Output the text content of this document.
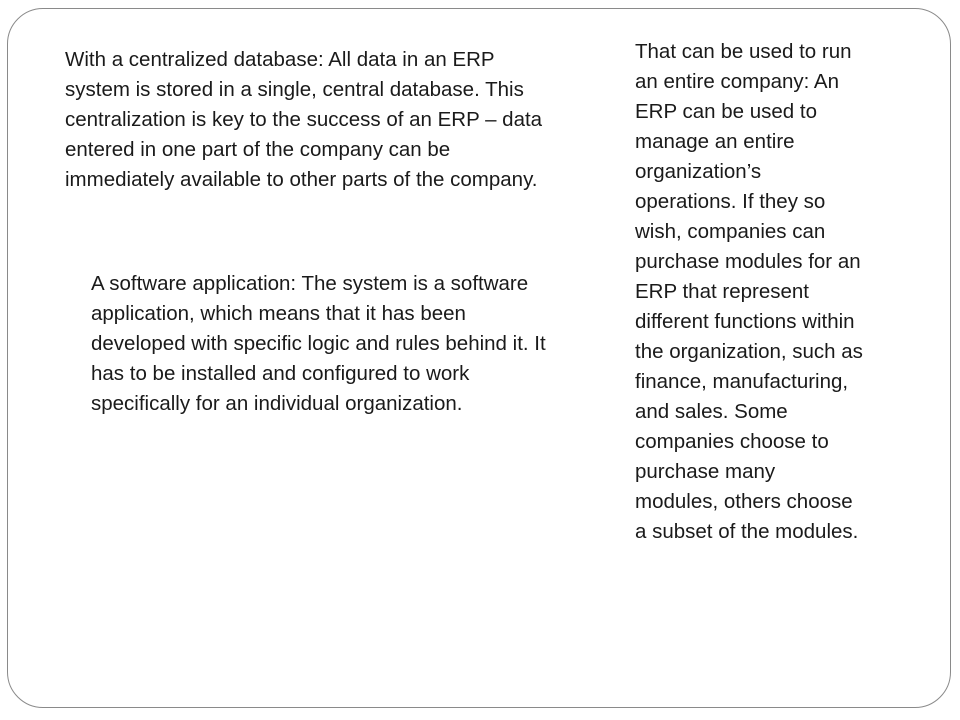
With a centralized database: All data in an ERP system is stored in a single, central database. This centralization is key to the success of an ERP – data entered in one part of the company can be immediately available to other parts of the company.

A software application: The system is a software application, which means that it has been developed with specific logic and rules behind it. It has to be installed and configured to work specifically for an individual organization.

That can be used to run an entire company: An ERP can be used to manage an entire organization’s operations. If they so wish, companies can purchase modules for an ERP that represent different functions within the organization, such as finance, manufacturing, and sales. Some companies choose to purchase many modules, others choose a subset of the modules.
